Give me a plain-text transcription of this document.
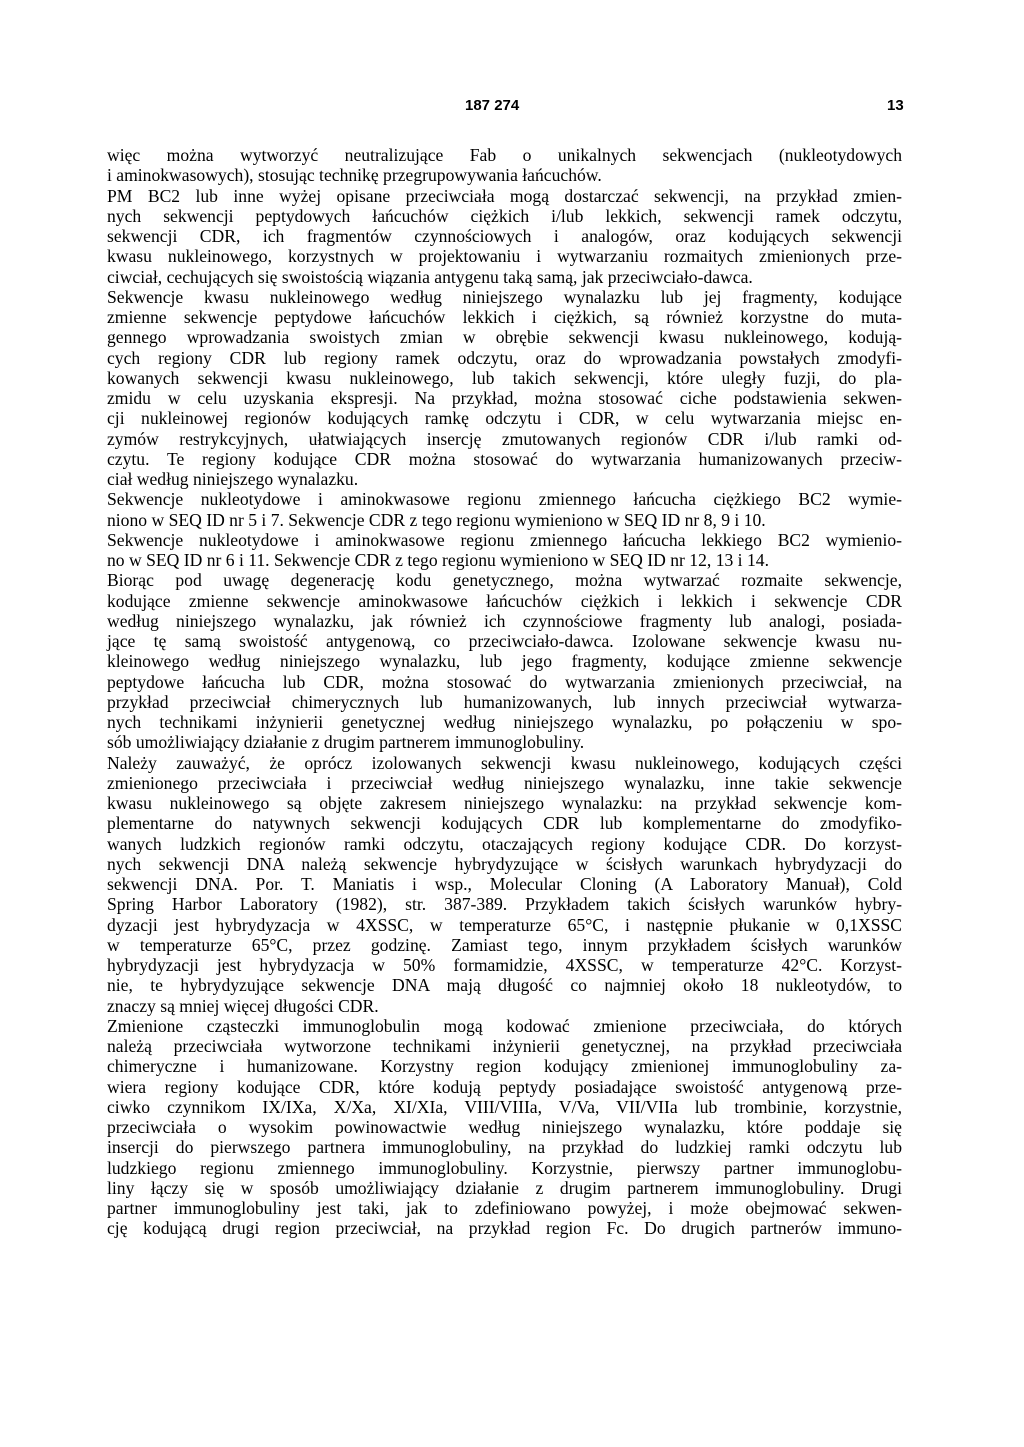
187 274	13
więc można wytworzyć neutralizujące Fab o unikalnych sekwencjach (nukleotydowych
i aminokwasowych), stosując technikę przegrupowywania łańcuchów.
PM BC2 lub inne wyżej opisane przeciwciała mogą dostarczać sekwencji, na przykład zmien-
nych sekwencji peptydowych łańcuchów ciężkich i/lub lekkich, sekwencji ramek odczytu,
sekwencji CDR, ich fragmentów czynnościowych i analogów, oraz kodujących sekwencji
kwasu nukleinowego, korzystnych w projektowaniu i wytwarzaniu rozmaitych zmienionych prze-
ciwciał, cechujących się swoistością wiązania antygenu taką samą, jak przeciwciało-dawca.
Sekwencje kwasu nukleinowego według niniejszego wynalazku lub jej fragmenty, kodujące
zmienne sekwencje peptydowe łańcuchów lekkich i ciężkich, są również korzystne do muta-
gennego wprowadzania swoistych zmian w obrębie sekwencji kwasu nukleinowego, kodują-
cych regiony CDR lub regiony ramek odczytu, oraz do wprowadzania powstałych zmodyfi-
kowanych sekwencji kwasu nukleinowego, lub takich sekwencji, które uległy fuzji, do pla-
zmidu w celu uzyskania ekspresji. Na przykład, można stosować ciche podstawienia sekwen-
cji nukleinowej regionów kodujących ramkę odczytu i CDR, w celu wytwarzania miejsc en-
zymów restrykcyjnych, ułatwiających insercję zmutowanych regionów CDR i/lub ramki od-
czytu. Te regiony kodujące CDR można stosować do wytwarzania humanizowanych przeciw-
ciał według niniejszego wynalazku.
Sekwencje nukleotydowe i aminokwasowe regionu zmiennego łańcucha ciężkiego BC2 wymie-
niono w SEQ ID nr 5 i 7. Sekwencje CDR z tego regionu wymieniono w SEQ ID nr 8, 9 i 10.
Sekwencje nukleotydowe i aminokwasowe regionu zmiennego łańcucha lekkiego BC2 wymienio-
no w SEQ ID nr 6 i 11. Sekwencje CDR z tego regionu wymieniono w SEQ ID nr 12, 13 i 14.
Biorąc pod uwagę degenerację kodu genetycznego, można wytwarzać rozmaite sekwencje,
kodujące zmienne sekwencje aminokwasowe łańcuchów ciężkich i lekkich i sekwencje CDR
według niniejszego wynalazku, jak również ich czynnościowe fragmenty lub analogi, posiada-
jące tę samą swoistość antygenową, co przeciwciało-dawca. Izolowane sekwencje kwasu nu-
kleinowego według niniejszego wynalazku, lub jego fragmenty, kodujące zmienne sekwencje
peptydowe łańcucha lub CDR, można stosować do wytwarzania zmienionych przeciwciał, na
przykład przeciwciał chimerycznych lub humanizowanych, lub innych przeciwciał wytwarza-
nych technikami inżynierii genetycznej według niniejszego wynalazku, po połączeniu w spo-
sób umożliwiający działanie z drugim partnerem immunoglobuliny.
Należy zauważyć, że oprócz izolowanych sekwencji kwasu nukleinowego, kodujących części
zmienionego przeciwciała i przeciwciał według niniejszego wynalazku, inne takie sekwencje
kwasu nukleinowego są objęte zakresem niniejszego wynalazku: na przykład sekwencje kom-
plementarne do natywnych sekwencji kodujących CDR lub komplementarne do zmodyfiko-
wanych ludzkich regionów ramki odczytu, otaczających regiony kodujące CDR. Do korzyst-
nych sekwencji DNA należą sekwencje hybrydyzujące w ścisłych warunkach hybrydyzacji do
sekwencji DNA. Por. T. Maniatis i wsp., Molecular Cloning (A Laboratory Manuał), Cold
Spring Harbor Laboratory (1982), str. 387-389. Przykładem takich ścisłych warunków hybry-
dyzacji jest hybrydyzacja w 4XSSC, w temperaturze 65°C, i następnie płukanie w 0,1XSSC
w temperaturze 65°C, przez godzinę. Zamiast tego, innym przykładem ścisłych warunków
hybrydyzacji jest hybrydyzacja w 50% formamidzie, 4XSSC, w temperaturze 42°C. Korzyst-
nie, te hybrydyzujące sekwencje DNA mają długość co najmniej około 18 nukleotydów, to
znaczy są mniej więcej długości CDR.
Zmienione cząsteczki immunoglobulin mogą kodować zmienione przeciwciała, do których
należą przeciwciała wytworzone technikami inżynierii genetycznej, na przykład przeciwciała
chimeryczne i humanizowane. Korzystny region kodujący zmienionej immunoglobuliny za-
wiera regiony kodujące CDR, które kodują peptydy posiadające swoistość antygenową prze-
ciwko czynnikom IX/IXa, X/Xa, XI/XIa, VIII/VIIIa, V/Va, VII/VIIa lub trombinie, korzystnie,
przeciwciała o wysokim powinowactwie według niniejszego wynalazku, które poddaje się
insercji do pierwszego partnera immunoglobuliny, na przykład do ludzkiej ramki odczytu lub
ludzkiego regionu zmiennego immunoglobuliny. Korzystnie, pierwszy partner immunoglobu-
liny łączy się w sposób umożliwiający działanie z drugim partnerem immunoglobuliny. Drugi
partner immunoglobuliny jest taki, jak to zdefiniowano powyżej, i może obejmować sekwen-
cję kodującą drugi region przeciwciał, na przykład region Fc. Do drugich partnerów immuno-
